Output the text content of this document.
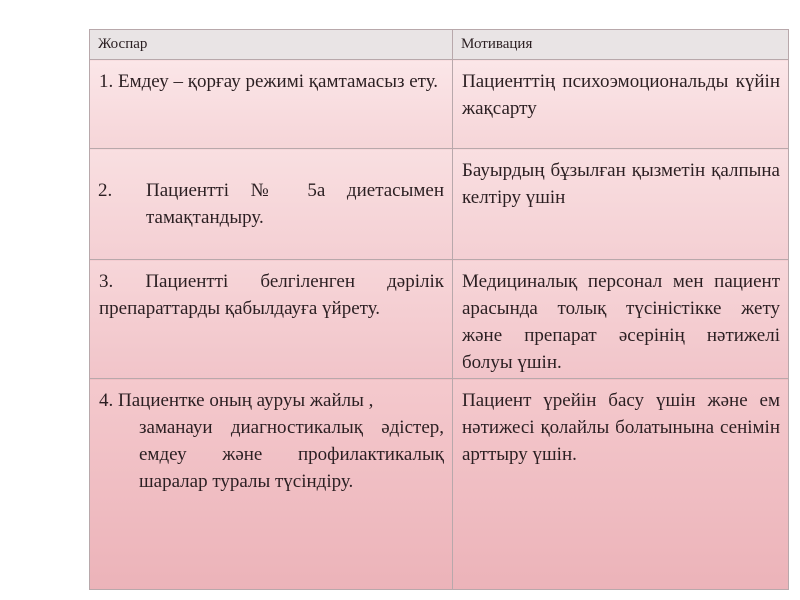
Жоспар	Мотивация

1. Емдеу – қорғау режимі қамтамасыз ету.	Пациенттің психоэмоциональды күйін жақсарту

2. Пациентті № 5а диетасымен тамақтандыру.	Бауырдың бұзылған қызметін қалпына келтіру үшін

3. Пациентті белгіленген дәрілік препараттарды қабылдауға үйрету.	Медициналық персонал мен пациент арасында толық түсіністікке жету және препарат әсерінің нәтижелі болуы үшін.

4. Пациентке оның ауруы жайлы ,
заманауи диагностикалық әдістер, емдеу және профилактикалық шаралар туралы түсіндіру.	Пациент үрейін басу үшін және ем нәтижесі қолайлы болатынына сенімін арттыру үшін.
